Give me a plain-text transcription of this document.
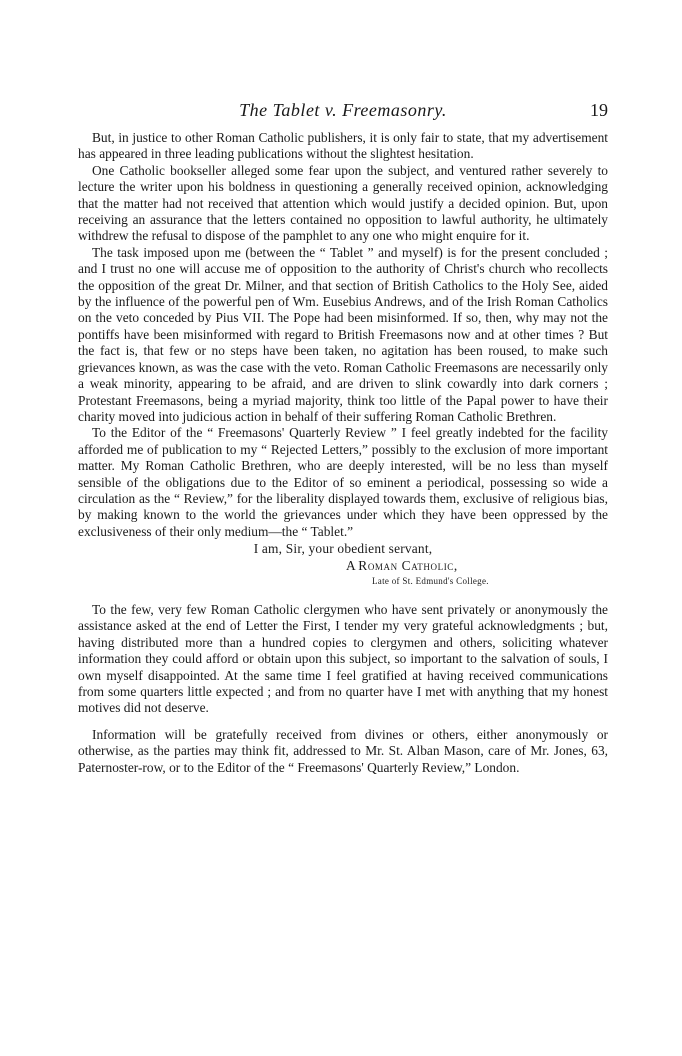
The Tablet v. Freemasonry.	19

But, in justice to other Roman Catholic publishers, it is only fair to state, that my advertisement has appeared in three leading publications without the slightest hesitation.

One Catholic bookseller alleged some fear upon the subject, and ventured rather severely to lecture the writer upon his boldness in questioning a generally received opinion, acknowledging that the matter had not received that attention which would justify a decided opinion. But, upon receiving an assurance that the letters contained no opposition to lawful authority, he ultimately withdrew the refusal to dispose of the pamphlet to any one who might enquire for it.

The task imposed upon me (between the “ Tablet ” and myself) is for the present concluded ; and I trust no one will accuse me of opposition to the authority of Christ's church who recollects the opposition of the great Dr. Milner, and that section of British Catholics to the Holy See, aided by the influence of the powerful pen of Wm. Eusebius Andrews, and of the Irish Roman Catholics on the veto conceded by Pius VII. The Pope had been misinformed. If so, then, why may not the pontiffs have been misinformed with regard to British Freemasons now and at other times ? But the fact is, that few or no steps have been taken, no agitation has been roused, to make such grievances known, as was the case with the veto. Roman Catholic Freemasons are necessarily only a weak minority, appearing to be afraid, and are driven to slink cowardly into dark corners ; Protestant Freemasons, being a myriad majority, think too little of the Papal power to have their charity moved into judicious action in behalf of their suffering Roman Catholic Brethren.

To the Editor of the “ Freemasons' Quarterly Review ” I feel greatly indebted for the facility afforded me of publication to my “ Rejected Letters,” possibly to the exclusion of more important matter. My Roman Catholic Brethren, who are deeply interested, will be no less than myself sensible of the obligations due to the Editor of so eminent a periodical, possessing so wide a circulation as the “ Review,” for the liberality displayed towards them, exclusive of religious bias, by making known to the world the grievances under which they have been oppressed by the exclusiveness of their only medium—the “ Tablet.”

I am, Sir, your obedient servant,
A Roman Catholic,
Late of St. Edmund's College.

To the few, very few Roman Catholic clergymen who have sent privately or anonymously the assistance asked at the end of Letter the First, I tender my very grateful acknowledgments ; but, having distributed more than a hundred copies to clergymen and others, soliciting whatever information they could afford or obtain upon this subject, so important to the salvation of souls, I own myself disappointed. At the same time I feel gratified at having received communications from some quarters little expected ; and from no quarter have I met with anything that my honest motives did not deserve.

Information will be gratefully received from divines or others, either anonymously or otherwise, as the parties may think fit, addressed to Mr. St. Alban Mason, care of Mr. Jones, 63, Paternoster-row, or to the Editor of the “ Freemasons' Quarterly Review,” London.
